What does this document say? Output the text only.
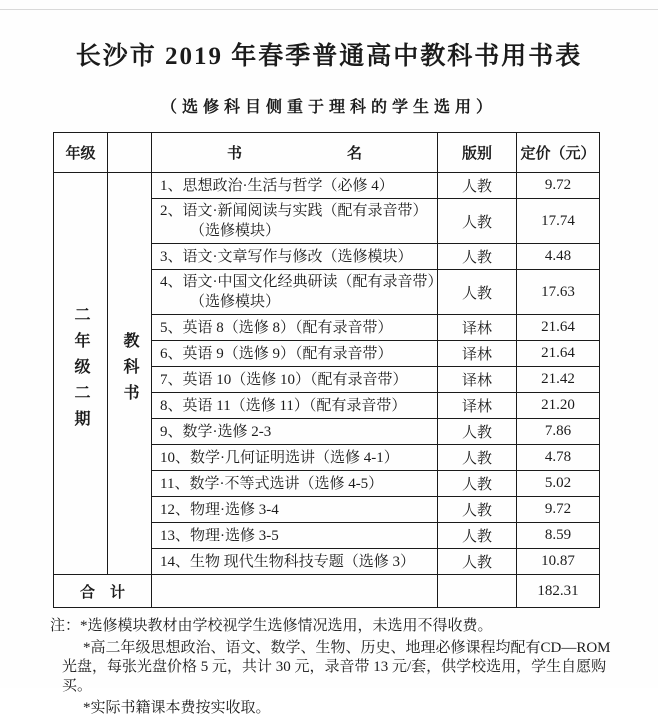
长沙市 2019 年春季普通高中教科书用书表
（选修科目侧重于理科的学生选用）
年级		书　　　　　　　名	版别	定价（元）
二年级二期	教科书	1、思想政治·生活与哲学（必修 4）	人教	9.72

		2、语文·新闻阅读与实践（配有录音带）
（选修模块）	人教	17.74

		3、语文·文章写作与修改（选修模块）	人教	4.48

		4、语文·中国文化经典研读（配有录音带）
（选修模块）	人教	17.63

		5、英语 8（选修 8）（配有录音带）	译林	21.64

		6、英语 9（选修 9）（配有录音带）	译林	21.64

		7、英语 10（选修 10）（配有录音带）	译林	21.42

		8、英语 11（选修 11）（配有录音带）	译林	21.20

		9、数学·选修 2-3	人教	7.86

		10、数学·几何证明选讲（选修 4-1）	人教	4.78

		11、数学·不等式选讲（选修 4-5）	人教	5.02

		12、物理·选修 3-4	人教	9.72

		13、物理·选修 3-5	人教	8.59

		14、生物 现代生物科技专题（选修 3）	人教	10.87
合　计				182.31
注： *选修模块教材由学校视学生选修情况选用，未选用不得收费。
*高二年级思想政治、语文、数学、生物、历史、地理必修课程均配有CD—ROM 光盘，每张光盘价格 5 元，共计 30 元，录音带 13 元/套，供学校选用，学生自愿购买。
*实际书籍课本费按实收取。
